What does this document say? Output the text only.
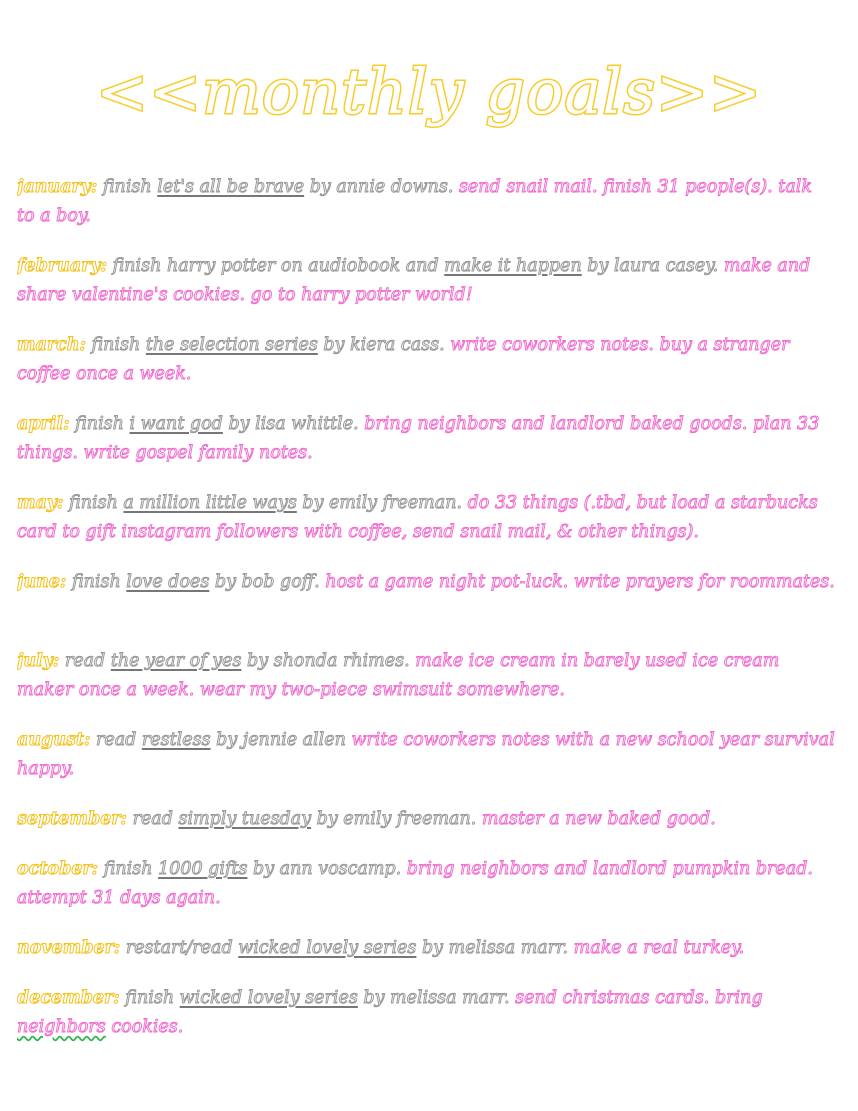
<<monthly goals>>

january: finish let's all be brave by annie downs. send snail mail. finish 31 people(s). talk to a boy.

february: finish harry potter on audiobook and make it happen by laura casey. make and share valentine's cookies. go to harry potter world!

march: finish the selection series by kiera cass. write coworkers notes. buy a stranger coffee once a week.

april: finish i want god by lisa whittle. bring neighbors and landlord baked goods. plan 33 things. write gospel family notes.

may: finish a million little ways by emily freeman. do 33 things (.tbd, but load a starbucks card to gift instagram followers with coffee, send snail mail, & other things).

june: finish love does by bob goff. host a game night pot-luck. write prayers for roommates.

july: read the year of yes by shonda rhimes. make ice cream in barely used ice cream maker once a week. wear my two-piece swimsuit somewhere.

august: read restless by jennie allen write coworkers notes with a new school year survival happy.

september: read simply tuesday by emily freeman. master a new baked good.

october: finish 1000 gifts by ann voscamp. bring neighbors and landlord pumpkin bread. attempt 31 days again.

november: restart/read wicked lovely series by melissa marr. make a real turkey.

december: finish wicked lovely series by melissa marr. send christmas cards. bring neighbors cookies.
